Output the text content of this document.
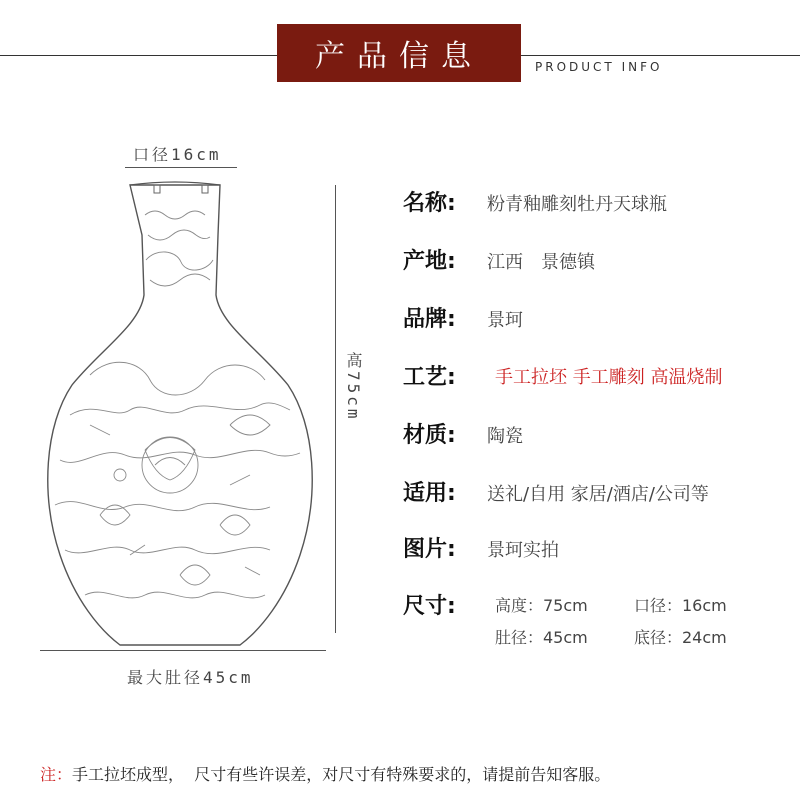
产品信息	PRODUCT INFO
口径16cm
高75cm
最大肚径45cm
名称: 粉青釉雕刻牡丹天球瓶
产地: 江西　景德镇
品牌: 景珂
工艺: 手工拉坯 手工雕刻 高温烧制
材质: 陶瓷
适用: 送礼/自用 家居/酒店/公司等
图片: 景珂实拍
尺寸: 高度：75cm	口径：16cm
肚径：45cm	底径：24cm
注：手工拉坯成型，  尺寸有些许误差，对尺寸有特殊要求的，请提前告知客服。
